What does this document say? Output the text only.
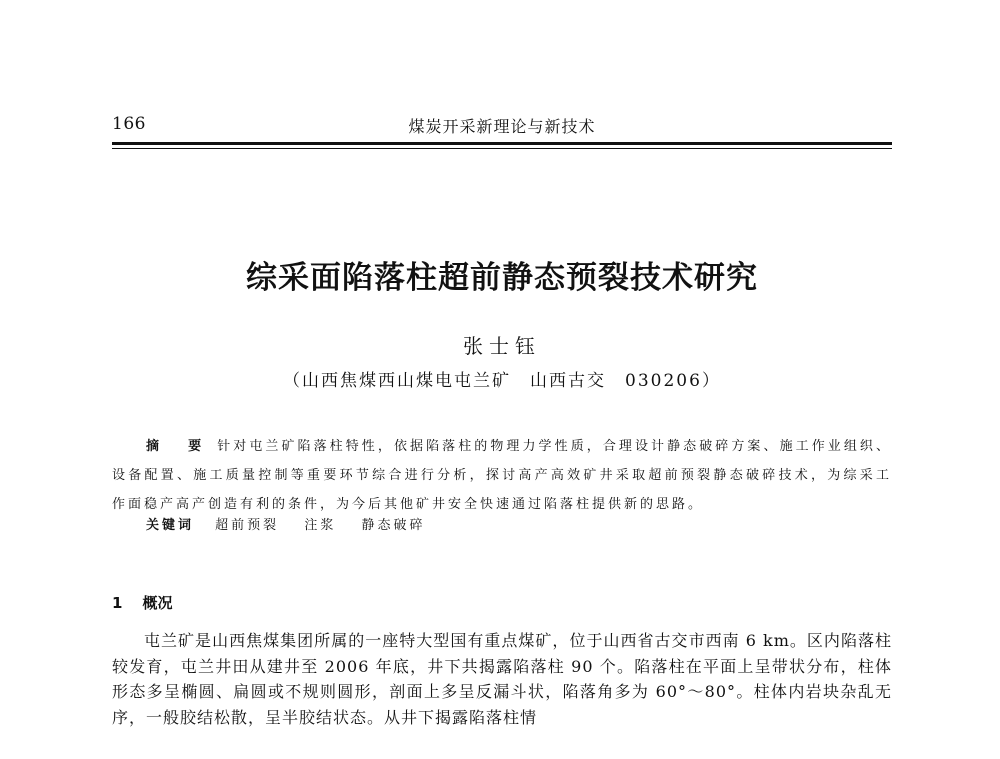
166	煤炭开采新理论与新技术
综采面陷落柱超前静态预裂技术研究
张士钰
（山西焦煤西山煤电屯兰矿　山西古交　030206）
摘　要 针对屯兰矿陷落柱特性，依据陷落柱的物理力学性质，合理设计静态破碎方案、施工作业组织、设备配置、施工质量控制等重要环节综合进行分析，探讨高产高效矿井采取超前预裂静态破碎技术，为综采工作面稳产高产创造有利的条件，为今后其他矿井安全快速通过陷落柱提供新的思路。
关键词 超前预裂 注浆 静态破碎
1 概况
屯兰矿是山西焦煤集团所属的一座特大型国有重点煤矿，位于山西省古交市西南 6 km。区内陷落柱较发育，屯兰井田从建井至 2006 年底，井下共揭露陷落柱 90 个。陷落柱在平面上呈带状分布，柱体形态多呈椭圆、扁圆或不规则圆形，剖面上多呈反漏斗状，陷落角多为 60°～80°。柱体内岩块杂乱无序，一般胶结松散，呈半胶结状态。从井下揭露陷落柱情
